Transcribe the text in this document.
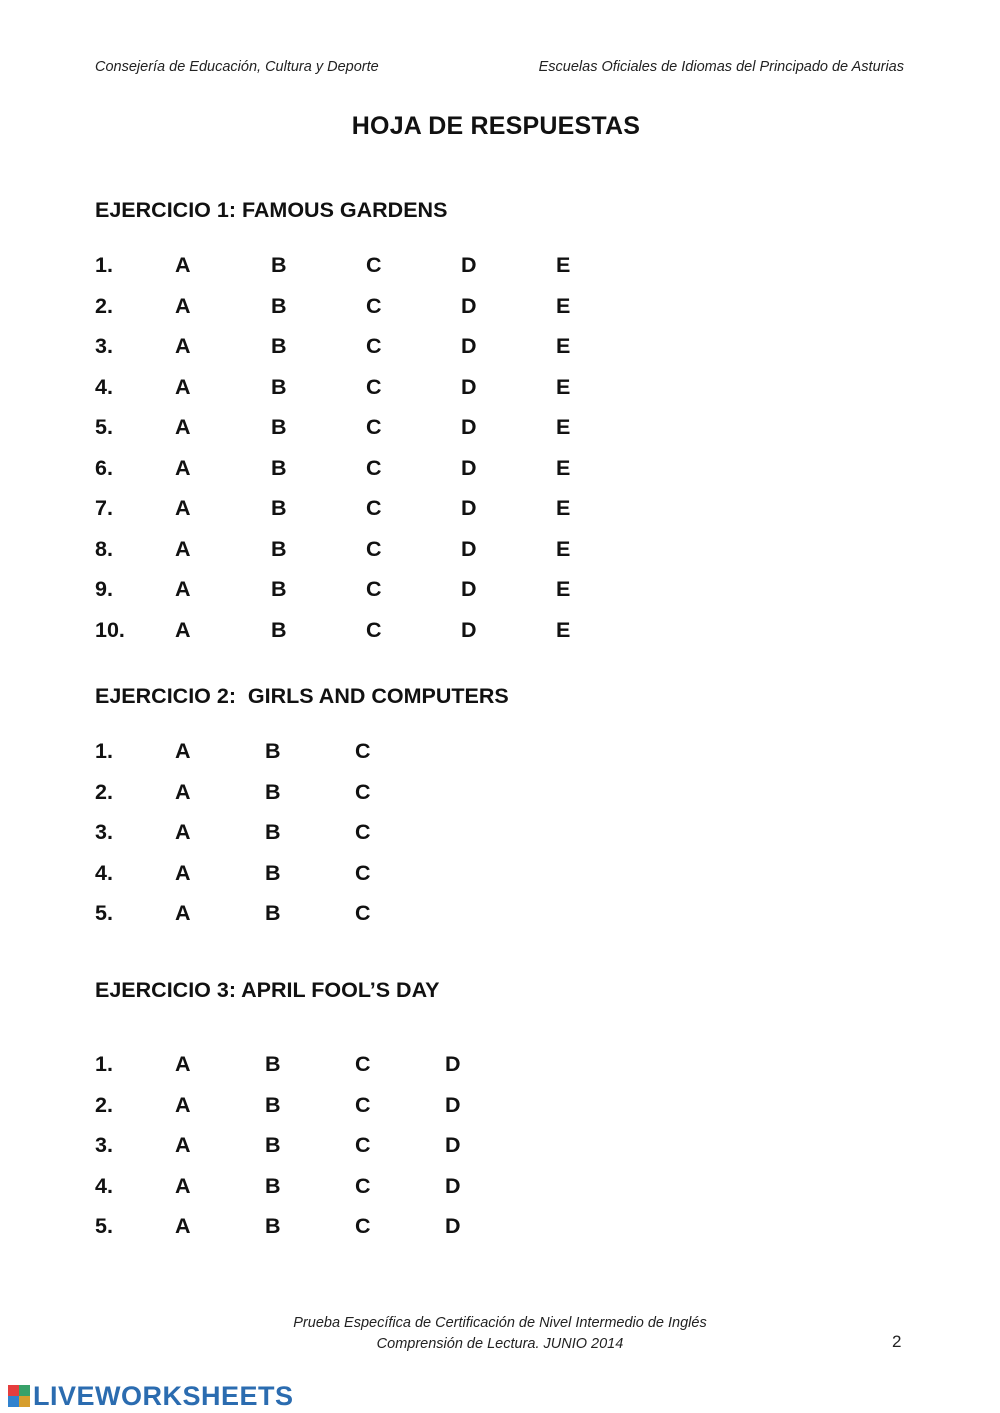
Consejería de Educación, Cultura y Deporte	Escuelas Oficiales de Idiomas del Principado de Asturias
HOJA DE RESPUESTAS
EJERCICIO 1: FAMOUS GARDENS
1.	A	B	C	D	E
2.	A	B	C	D	E
3.	A	B	C	D	E
4.	A	B	C	D	E
5.	A	B	C	D	E
6.	A	B	C	D	E
7.	A	B	C	D	E
8.	A	B	C	D	E
9.	A	B	C	D	E
10. A	B	C	D	E
EJERCICIO 2:  GIRLS AND COMPUTERS
1.	A	B	C
2.	A	B	C
3.	A	B	C
4.	A	B	C
5.	A	B	C
EJERCICIO 3: APRIL FOOL’S DAY
1.	A	B	C	D
2.	A	B	C	D
3.	A	B	C	D
4.	A	B	C	D
5.	A	B	C	D
Prueba Específica de Certificación de Nivel Intermedio de Inglés
Comprensión de Lectura. JUNIO 2014	2
LIVEWORKSHEETS
